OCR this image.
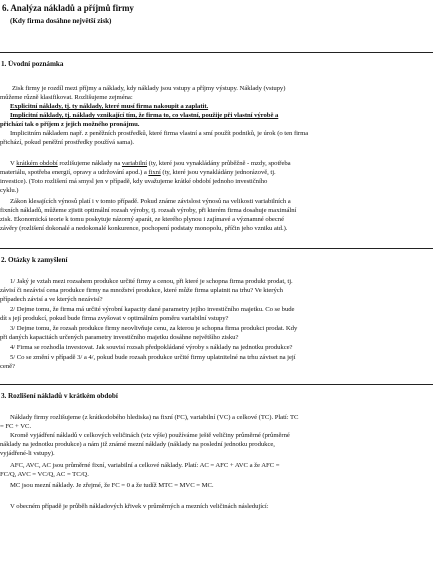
6. Analýza nákladů a příjmů firmy
(Kdy firma dosáhne největší zisk)
1. Úvodní poznámka
Zisk firmy je rozdíl mezi příjmy a náklady, kdy náklady jsou vstupy a příjmy výstupy. Náklady (vstupy)
můžeme různě klasifikovat. Rozlišujeme zejména:
Explicitní náklady, tj. ty náklady, které musí firma nakoupit a zaplatit.
Implicitní náklady, tj. náklady vznikající tím, že firma to, co vlastní, použije při vlastní výrobě a
přichází tak o příjem z jejich možného pronájmu.
Implicitním nákladem např. z peněžních prostředků, které firma vlastní a smí použít podniků, je úrok (o ten firma
přichází, pokud peněžní prostředky používá sama).
V krátkém období rozlišujeme náklady na variabilní (ty, které jsou vynakládány průběžně - mzdy, spotřeba
materiálu, spotřeba energií, opravy a udržování apod.) a fixní (ty, které jsou vynakládány jednorázově, tj.
investice). (Toto rozlišení má smysl jen v případě, kdy uvažujeme krátké období jednoho investičního
cyklu.)
Zákon klesajících výnosů platí i v tomto případě. Pokud známe závislost výnosů na velikosti variabilních a
fixních nákladů, můžeme zjistit optimální rozsah výroby, tj. rozsah výroby, při kterém firma dosahuje maximální
zisk. Ekonomická teorie k tomu poskytuje názorný aparát, ze kterého plynou i zajímavé a významné obecné
závěry (rozlišení dokonalé a nedokonalé konkurence, pochopení podstaty monopolu, příčin jeho vzniku atd.).
2. Otázky k zamyšlení
1/ Jaký je vztah mezi rozsahem produkce určité firmy a cenou, při které je schopna firma produkt prodat, tj.
závisí či nezávisí cena produkce firmy na množství produkce, které může firma uplatnit na trhu? Ve kterých
případech závisí a ve kterých nezávisí?
2/ Dejme tomu, že firma má určité výrobní kapacity dané parametry jejího investičního majetku. Co se bude
dít s její produkcí, pokud bude firma zvyšovat v optimálním poměru variabilní vstupy?
3/ Dejme tomu, že rozsah produkce firmy neovlivňuje cenu, za kterou je schopna firma produkci prodat. Kdy
při daných kapacitách určených parametry investičního majetku dosáhne největšího zisku?
4/ Firma se rozhodla investovat. Jak souvisí rozsah předpokládané výroby s náklady na jednotku produkce?
5/ Co se změní v případě 3/ a 4/, pokud bude rozsah produkce určité firmy uplatnitelné na trhu záviset na její
ceně?
3. Rozlišení nákladů v krátkém období
Náklady firmy rozlišujeme (z krátkodobého hlediska) na fixní (FC), variabilní (VC) a celkové (TC). Platí: TC
= FC + VC.
Kromě vyjádření nákladů v celkových veličinách (viz výše) používáme ještě veličiny průměrné (průměrné
náklady na jednotku produkce) a nám již známé mezní náklady (náklady na poslední jednotku produkce,
vyjádřené-li vstupy).
AFC, AVC, AC jsou průměrné fixní, variabilní a celkové náklady. Platí: AC = AFC + AVC a že AFC =
FC/Q, AVC = VC/Q, AC = TC/Q.
MC jsou mezní náklady. Je zřejmé, že FC = 0 a že tudíž MTC = MVC = MC.
V obecném případě je průběh nákladových křivek v průměrných a mezních veličinách následující:
